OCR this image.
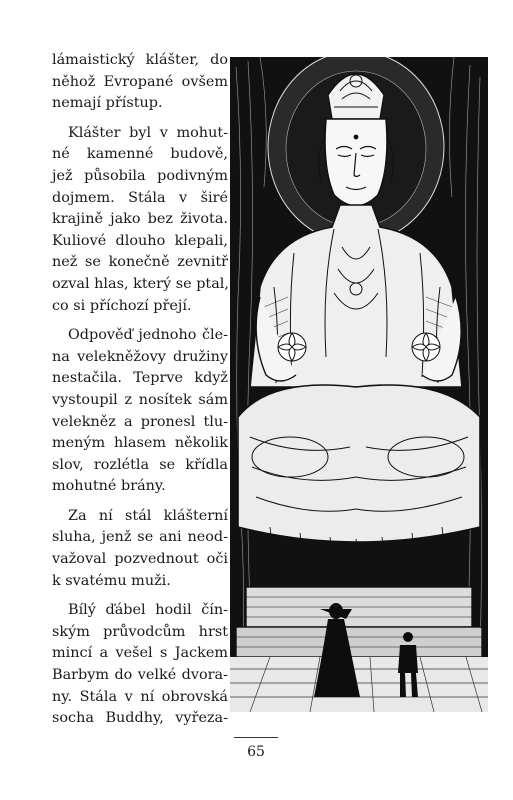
lámaistický klášter, do
něhož Evropané ovšem
nemají přístup.

Klášter byl v mohut-
né kamenné budově,
jež působila podivným
dojmem. Stála v širé
krajině jako bez života.
Kuliové dlouho klepali,
než se konečně zevnitř
ozval hlas, který se ptal,
co si příchozí přejí.

Odpověď jednoho čle-
na velekněžovy družiny
nestačila. Teprve když
vystoupil z nosítek sám
velekněz a pronesl tlu-
meným hlasem několik
slov, rozlétla se křídla
mohutné brány.

Za ní stál klášterní
sluha, jenž se ani neod-
važoval pozvednout oči
k svatému muži.

Bílý ďábel hodil čín-
ským průvodcům hrst
mincí a vešel s Jackem
Barbym do velké dvora-
ny. Stála v ní obrovská
socha Buddhy, vyřeza-

65
